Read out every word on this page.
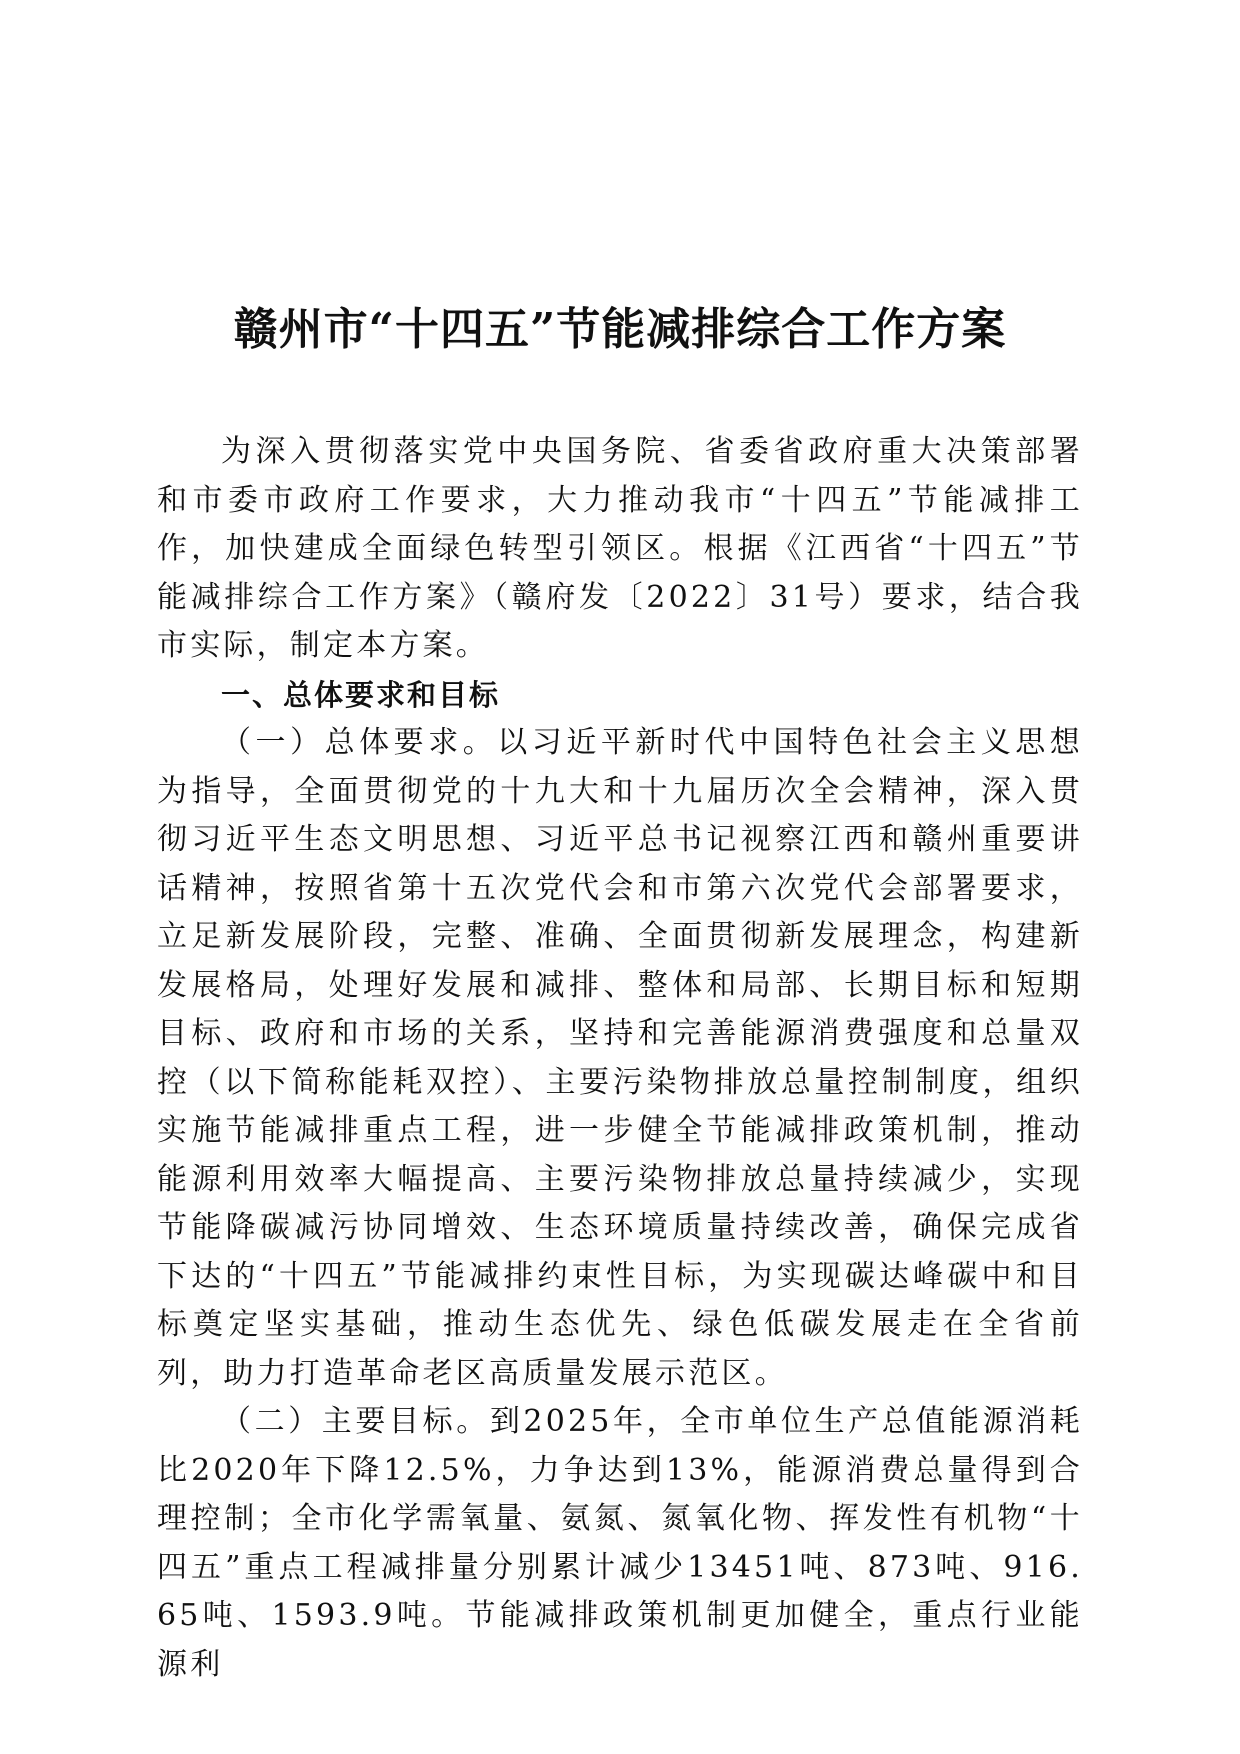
赣州市“十四五”节能减排综合工作方案

为深入贯彻落实党中央国务院、省委省政府重大决策部署和市委市政府工作要求，大力推动我市“十四五”节能减排工作，加快建成全面绿色转型引领区。根据《江西省“十四五”节能减排综合工作方案》（赣府发〔2022〕31号）要求，结合我市实际，制定本方案。

一、总体要求和目标

（一）总体要求。以习近平新时代中国特色社会主义思想为指导，全面贯彻党的十九大和十九届历次全会精神，深入贯彻习近平生态文明思想、习近平总书记视察江西和赣州重要讲话精神，按照省第十五次党代会和市第六次党代会部署要求，立足新发展阶段，完整、准确、全面贯彻新发展理念，构建新发展格局，处理好发展和减排、整体和局部、长期目标和短期目标、政府和市场的关系，坚持和完善能源消费强度和总量双控（以下简称能耗双控）、主要污染物排放总量控制制度，组织实施节能减排重点工程，进一步健全节能减排政策机制，推动能源利用效率大幅提高、主要污染物排放总量持续减少，实现节能降碳减污协同增效、生态环境质量持续改善，确保完成省下达的“十四五”节能减排约束性目标，为实现碳达峰碳中和目标奠定坚实基础，推动生态优先、绿色低碳发展走在全省前列，助力打造革命老区高质量发展示范区。

（二）主要目标。到2025年，全市单位生产总值能源消耗比2020年下降12.5%，力争达到13%，能源消费总量得到合理控制；全市化学需氧量、氨氮、氮氧化物、挥发性有机物“十四五”重点工程减排量分别累计减少13451吨、873吨、916.65吨、1593.9吨。节能减排政策机制更加健全，重点行业能源利
